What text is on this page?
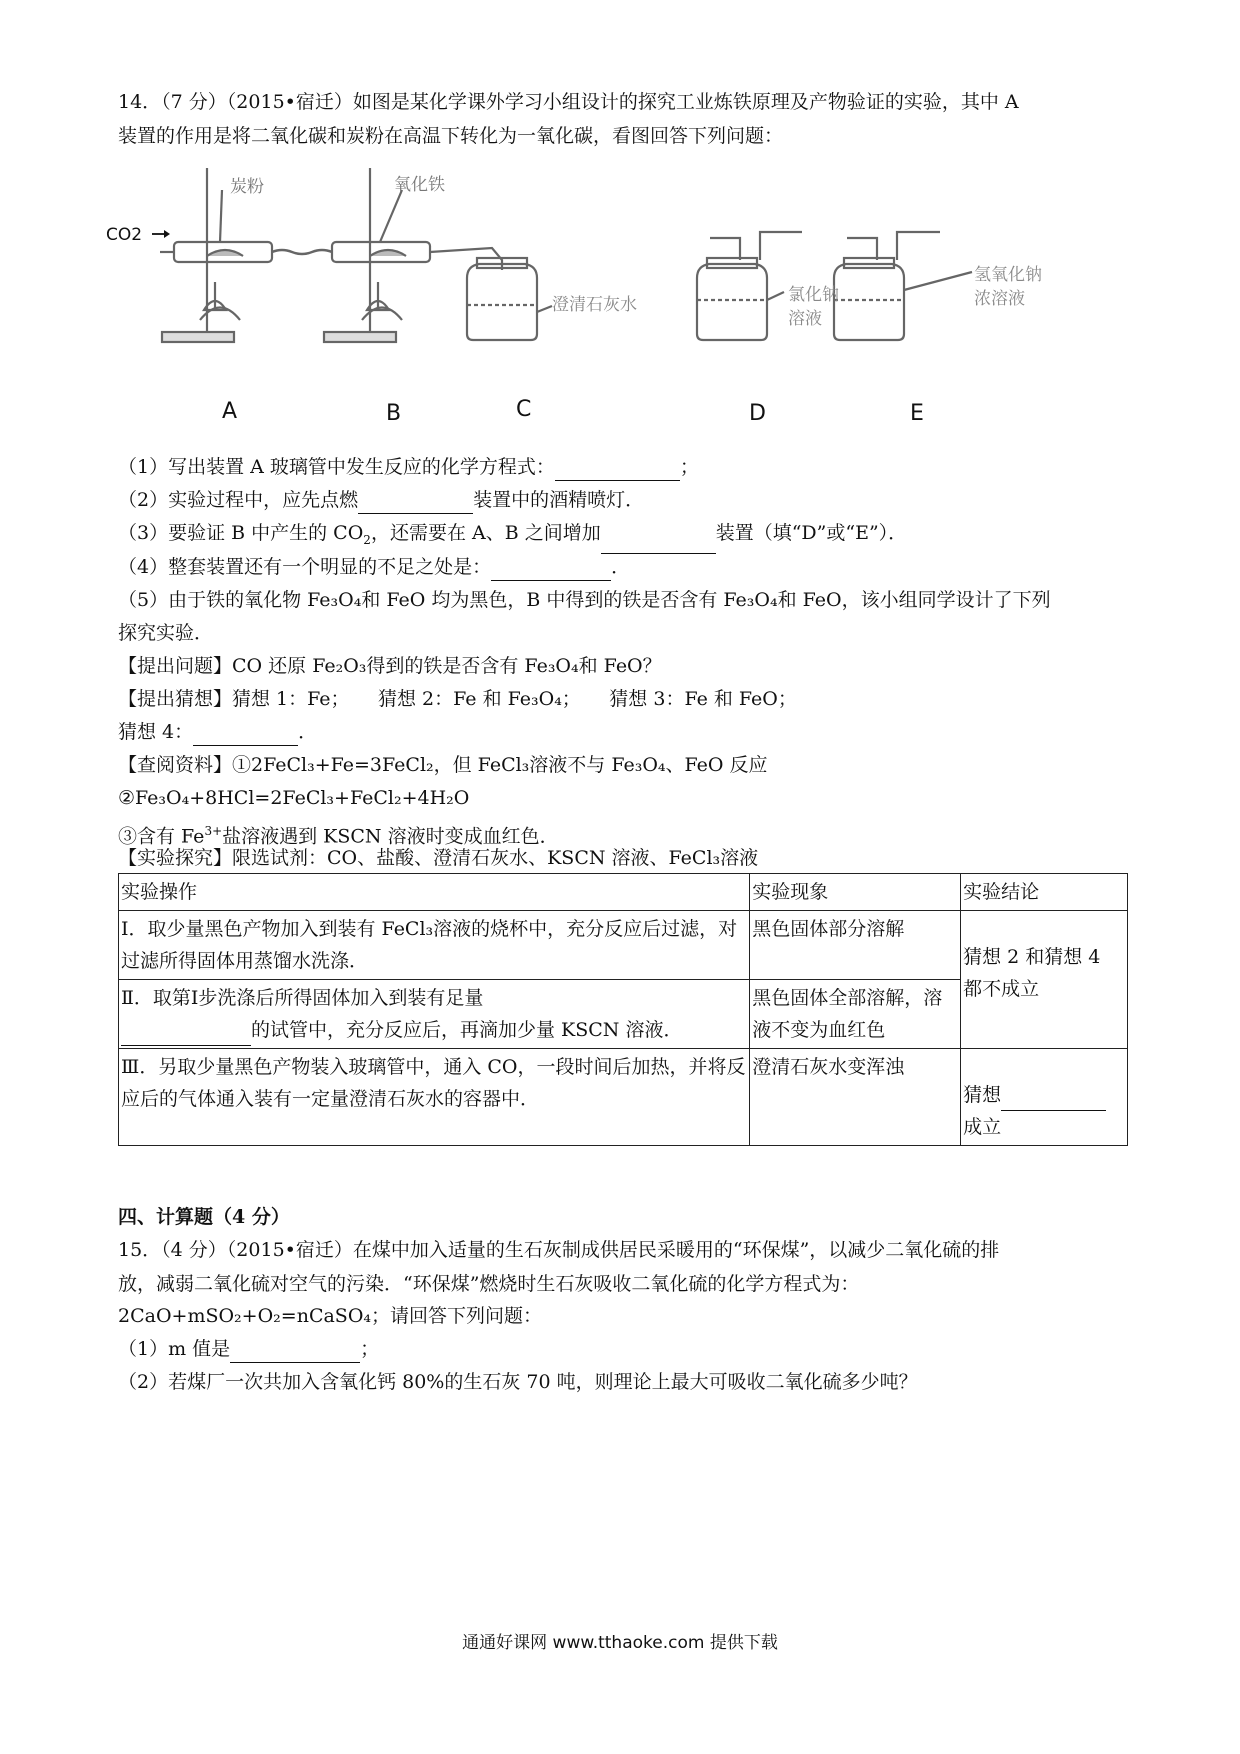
14．（7 分）（2015•宿迁）如图是某化学课外学习小组设计的探究工业炼铁原理及产物验证的实验，其中 A
装置的作用是将二氧化碳和炭粉在高温下转化为一氧化碳，看图回答下列问题：
CO2
炭粉	氧化铁
澄清石灰水	氯化钠
溶液
氢氧化钠
浓溶液
A	B	C	D	E
（1）写出装置 A 玻璃管中发生反应的化学方程式：	；
（2）实验过程中，应先点燃	装置中的酒精喷灯．
（3）要验证 B 中产生的 $CO_2$，还需要在 A、B 之间增加	装置（填“D”或“E”）．
（4）整套装置还有一个明显的不足之处是：	．
（5）由于铁的氧化物 Fe₃O₄和 FeO 均为黑色，B 中得到的铁是否含有 Fe₃O₄和 FeO，该小组同学设计了下列
探究实验．
【提出问题】CO 还原 Fe₂O₃得到的铁是否含有 Fe₃O₄和 FeO？
【提出猜想】猜想 1：Fe；　　猜想 2：Fe 和 Fe₃O₄；　　猜想 3：Fe 和 FeO；
猜想 4：	．
【查阅资料】①2FeCl₃+Fe=3FeCl₂，但 FeCl₃溶液不与 Fe₃O₄、FeO 反应
②Fe₃O₄+8HCl=2FeCl₃+FeCl₂+4H₂O
③含有 $Fe^{3+}$盐溶液遇到 KSCN 溶液时变成血红色．
【实验探究】限选试剂：CO、盐酸、澄清石灰水、KSCN 溶液、FeCl₃溶液
实验操作	实验现象	实验结论
Ⅰ．取少量黑色产物加入到装有 FeCl₃溶液的烧杯中，充分反应后过滤，对过滤所得固体用蒸馏水洗涤．	黑色固体部分溶解	猜想 2 和猜想 4 都不成立
Ⅱ．取第Ⅰ步洗涤后所得固体加入到装有足量
的试管中，充分反应后，再滴加少量 KSCN 溶液．	黑色固体全部溶解，溶液不变为血红色	
Ⅲ．另取少量黑色产物装入玻璃管中，通入 CO，一段时间后加热，并将反应后的气体通入装有一定量澄清石灰水的容器中．	澄清石灰水变浑浊	猜想
成立
四、计算题（4 分）
15．（4 分）（2015•宿迁）在煤中加入适量的生石灰制成供居民采暖用的“环保煤”，以减少二氧化硫的排
放，减弱二氧化硫对空气的污染．“环保煤”燃烧时生石灰吸收二氧化硫的化学方程式为：
2CaO+mSO₂+O₂=nCaSO₄；请回答下列问题：
（1）m 值是	；
（2）若煤厂一次共加入含氧化钙 80%的生石灰 70 吨，则理论上最大可吸收二氧化硫多少吨？
通通好课网 www.tthaoke.com 提供下载
